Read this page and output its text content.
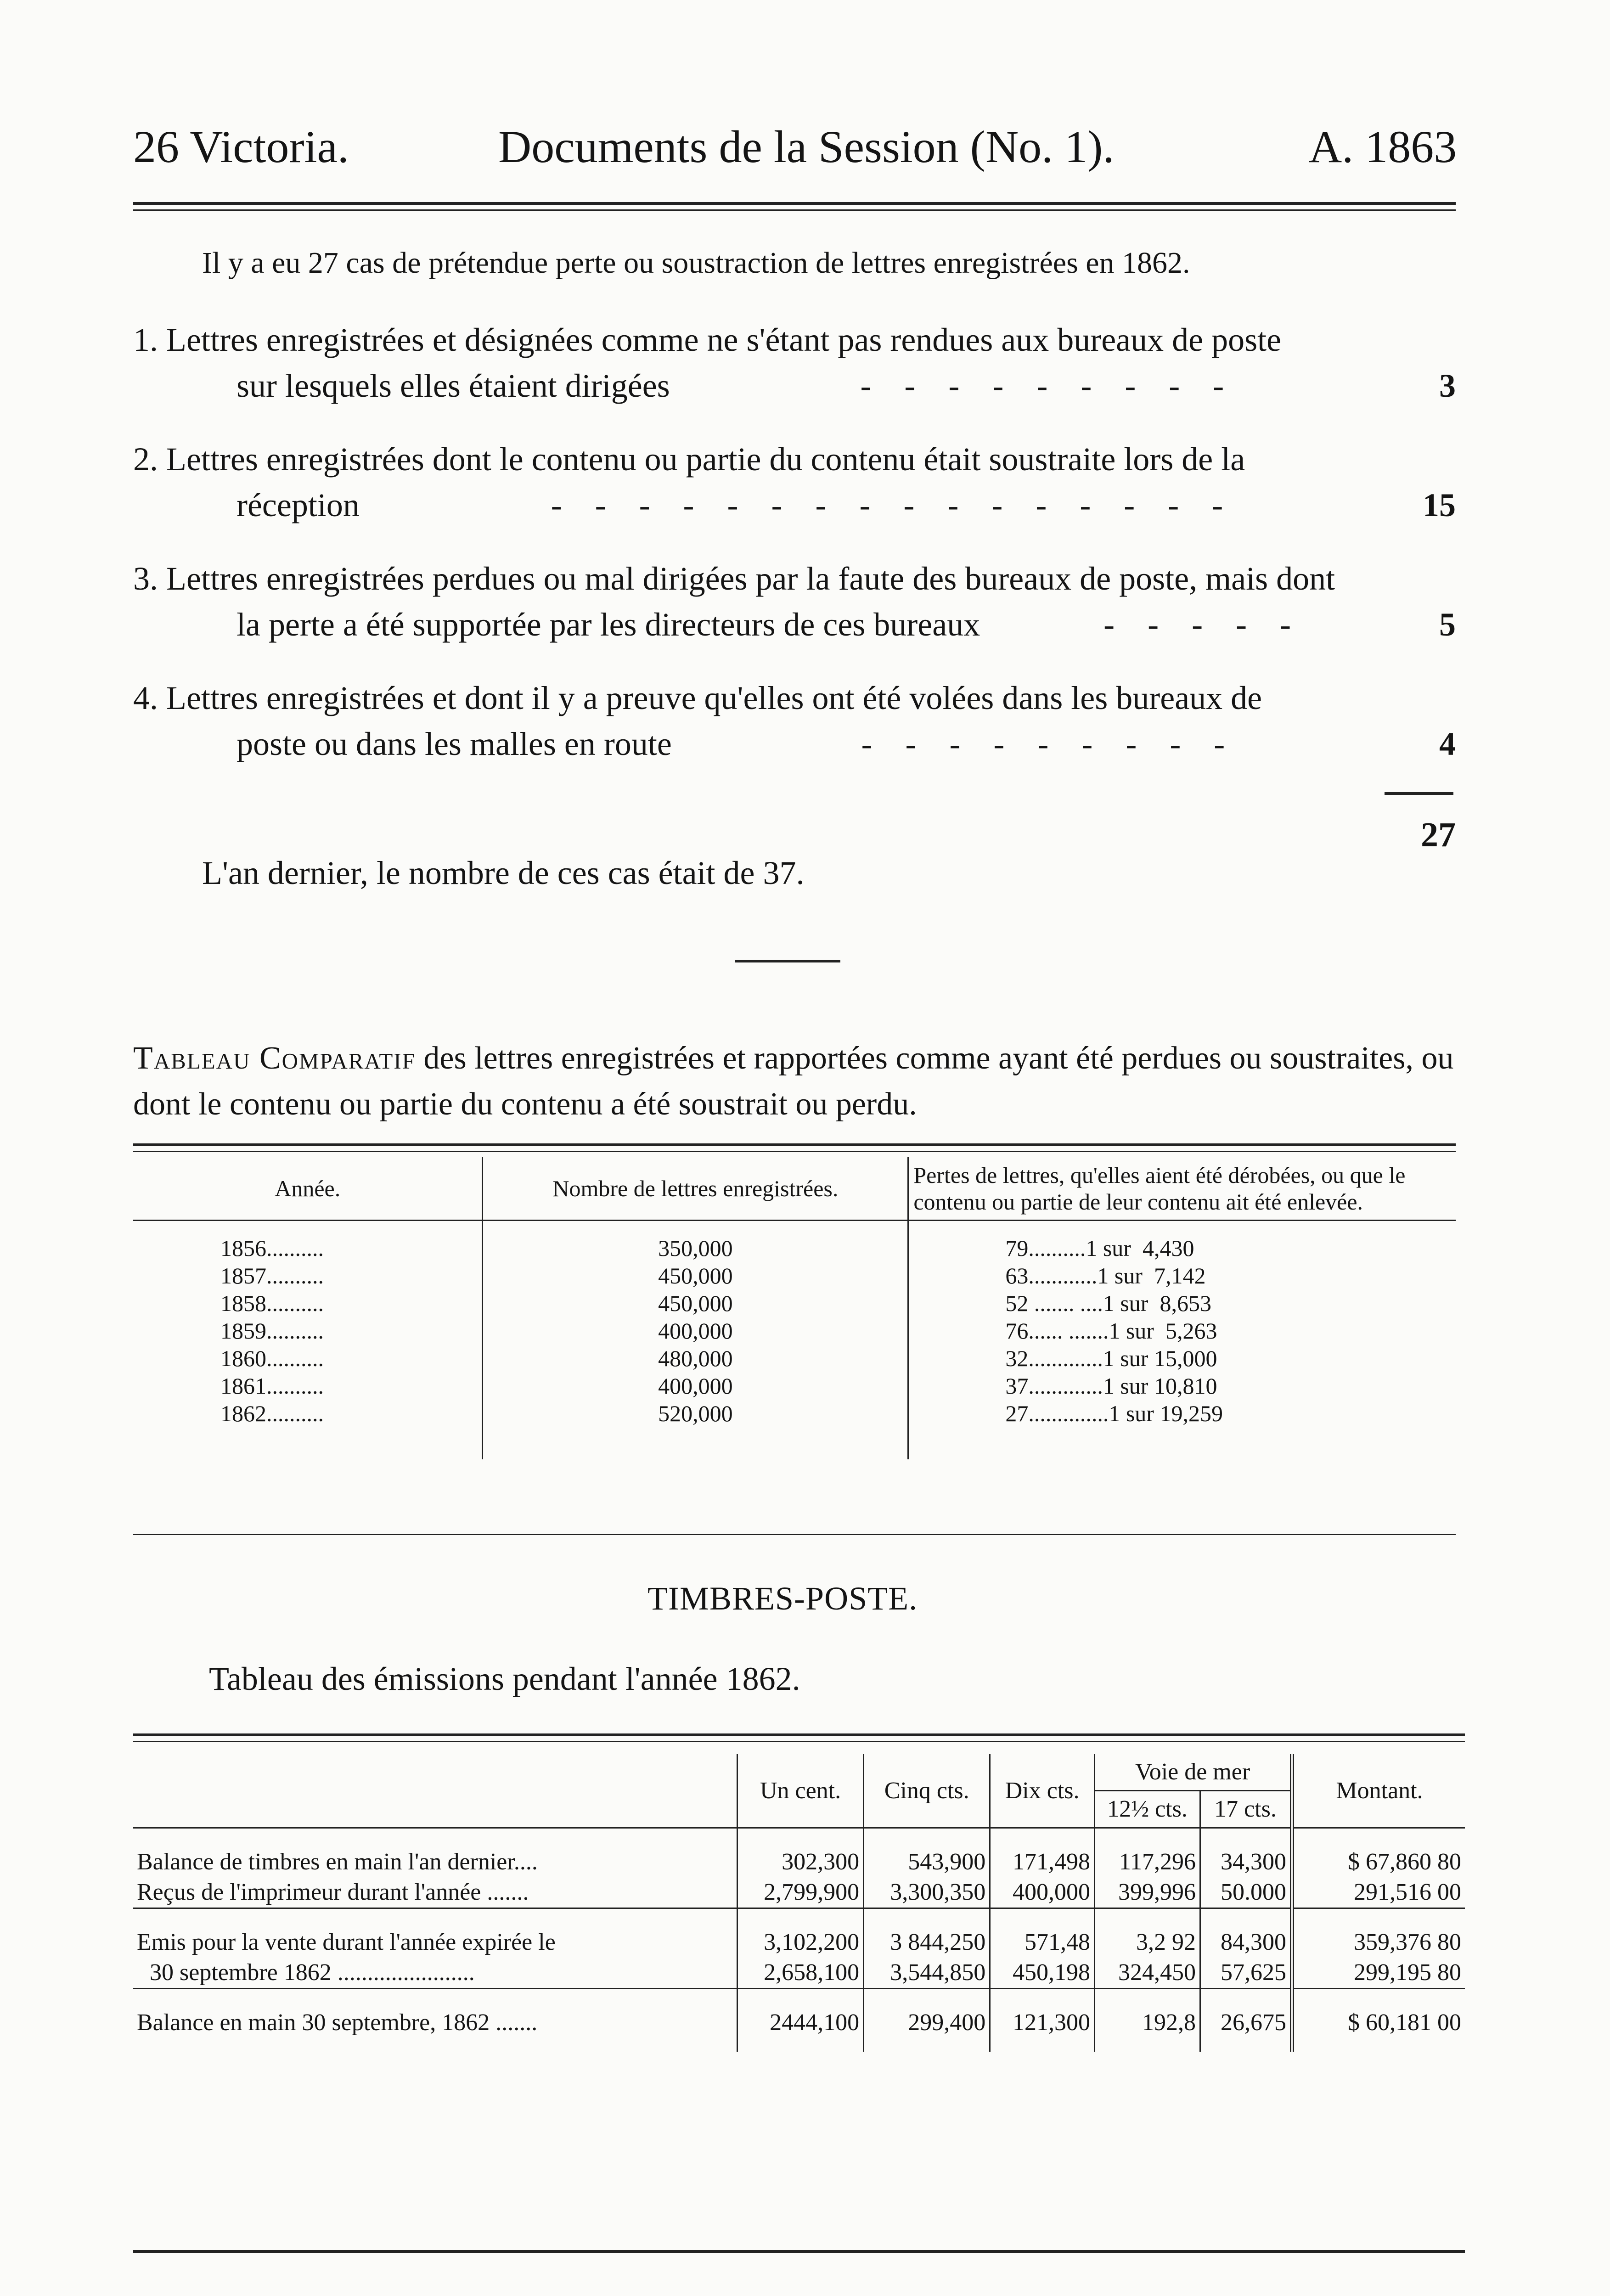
26 Victoria.	Documents de la Session (No. 1).	A. 1863
Il y a eu 27 cas de prétendue perte ou soustraction de lettres enregistrées en 1862.
1.
Lettres enregistrées et désignées comme ne s'étant pas rendues aux bureaux de poste
sur lesquels elles étaient dirigées	-    -    -    -    -    -    -    -    -	3
2.
Lettres enregistrées dont le contenu ou partie du contenu était soustraite lors de la
réception	-    -    -    -    -    -    -    -    -    -    -    -    -    -    -    -	15
3.
Lettres enregistrées perdues ou mal dirigées par la faute des bureaux de poste, mais dont
la perte a été supportée par les directeurs de ces bureaux	-    -    -    -    -	5
4.
Lettres enregistrées et dont il y a preuve qu'elles ont été volées dans les bureaux de
poste ou dans les malles en route	-    -    -    -    -    -    -    -    -	4
27
L'an dernier, le nombre de ces cas était de 37.
Tableau Comparatif des lettres enregistrées et rapportées comme ayant été perdues ou soustraites, ou dont le contenu ou partie du contenu a été soustrait ou perdu.
Année.	Nombre de lettres enregistrées.	Pertes de lettres, qu'elles aient été dérobées, ou que le contenu ou partie de leur contenu ait été enlevée.

1856..........	350,000	79..........1 sur  4,430
1857..........	450,000	63............1 sur  7,142
1858..........	450,000	52 ....... ....1 sur  8,653
1859..........	400,000	76...... .......1 sur  5,263
1860..........	480,000	32.............1 sur 15,000
1861..........	400,000	37.............1 sur 10,810
1862..........	520,000	27..............1 sur 19,259

TIMBRES-POSTE.
Tableau des émissions pendant l'année 1862.
	Un cent.	Cinq cts.	Dix cts.	Voie de mer		Montant.
				12½ cts.	17 cts.	

Balance de timbres en main l'an dernier....	302,300	543,900	171,498	117,296	34,300	$ 67,860 80
Reçus de l'imprimeur durant l'année .......	2,799,900	3,300,350	400,000	399,996	50.000	291,516 00

Emis pour la vente durant l'année expirée le	3,102,200	3 844,250	571,48	3,2 92	84,300	359,376 80
30 septembre 1862 .......................	2,658,100	3,544,850	450,198	324,450	57,625	299,195 80

Balance en main 30 septembre, 1862 .......	2444,100	299,400	121,300	192,8	26,675	$ 60,181 00
